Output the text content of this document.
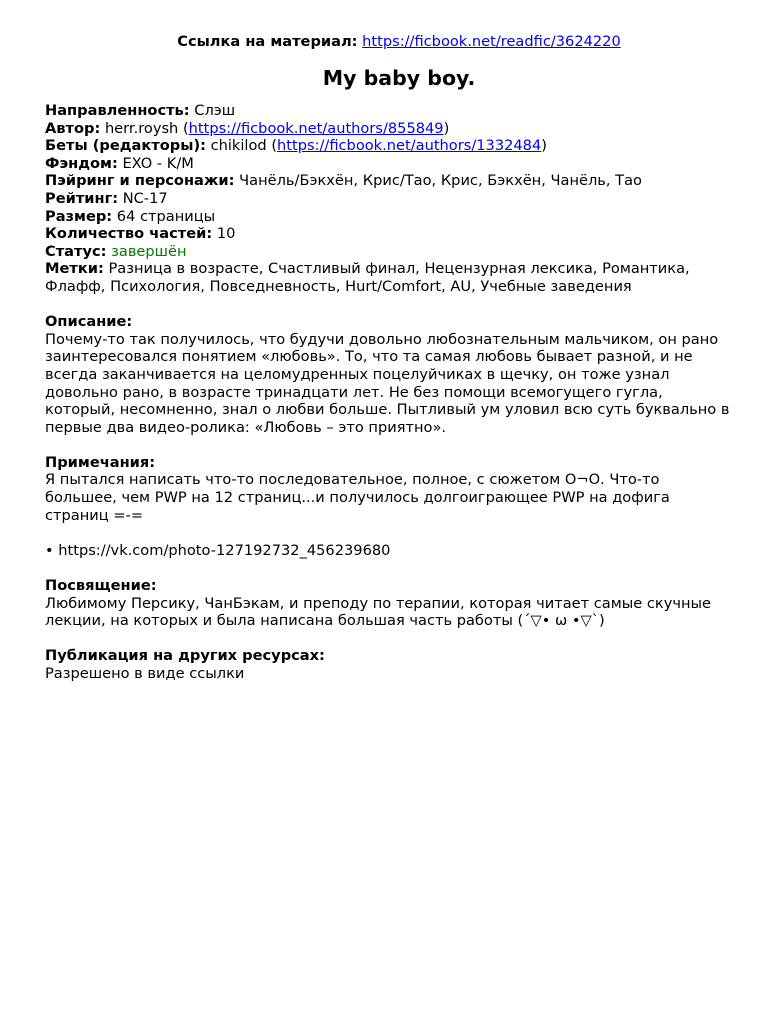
Ссылка на материал: https://ficbook.net/readfic/3624220

My baby boy.

Направленность: Слэш

Автор: herr.roysh (https://ficbook.net/authors/855849)

Беты (редакторы): chikilod (https://ficbook.net/authors/1332484)

Фэндом: EXO - K/M

Пэйринг и персонажи: Чанёль/Бэкхён, Крис/Тао, Крис, Бэкхён, Чанёль, Тао

Рейтинг: NC-17

Размер: 64 страницы

Количество частей: 10

Статус: завершён

Метки: Разница в возрасте, Счастливый финал, Нецензурная лексика, Романтика, Флафф, Психология, Повседневность, Hurt/Comfort, AU, Учебные заведения

Описание:

Почему-то так получилось, что будучи довольно любознательным мальчиком, он рано заинтересовался понятием «любовь». То, что та самая любовь бывает разной, и не всегда заканчивается на целомудренных поцелуйчиках в щечку, он тоже узнал довольно рано, в возрасте тринадцати лет. Не без помощи всемогущего гугла, который, несомненно, знал о любви больше. Пытливый ум уловил всю суть буквально в первые два видео-ролика: «Любовь – это приятно».

Примечания:

Я пытался написать что-то последовательное, полное, с сюжетом О¬О. Что-то большее, чем PWP на 12 страниц...и получилось долгоиграющее PWP на дофига страниц =-=

• https://vk.com/photo-127192732_456239680

Посвящение:

Любимому Персику, ЧанБэкам, и преподу по терапии, которая читает самые скучные лекции, на которых и была написана большая часть работы (´▽• ω •▽`)

Публикация на других ресурсах:

Разрешено в виде ссылки
